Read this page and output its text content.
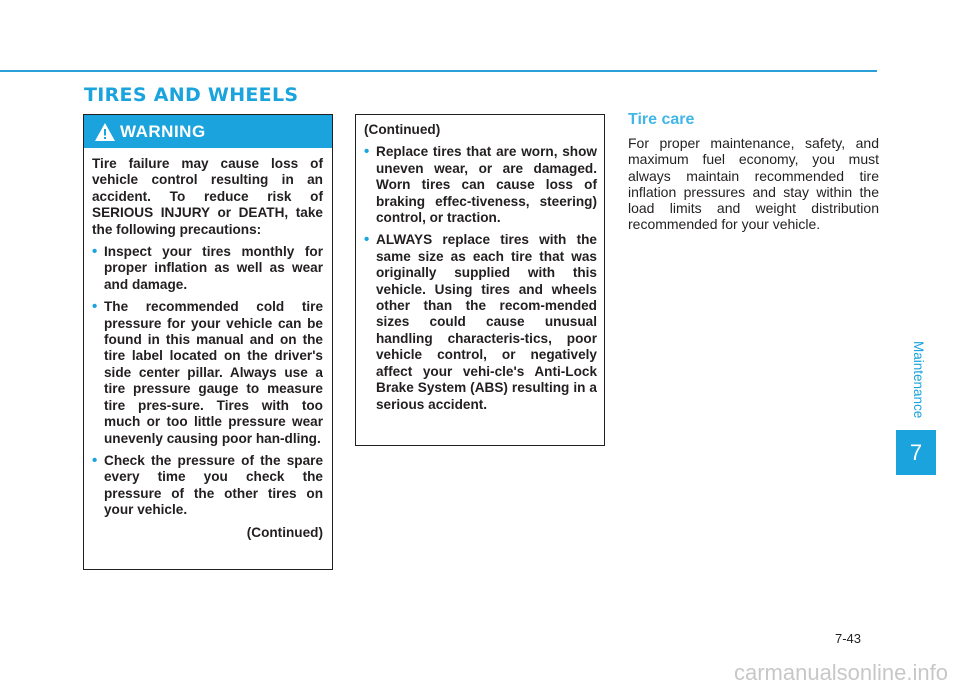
TIRES AND WHEELS
WARNING
Tire failure may cause loss of vehicle control resulting in an accident. To reduce risk of SERIOUS INJURY or DEATH, take the following precautions:
• Inspect your tires monthly for proper inflation as well as wear and damage.
• The recommended cold tire pressure for your vehicle can be found in this manual and on the tire label located on the driver's side center pillar. Always use a tire pressure gauge to measure tire pres-sure. Tires with too much or too little pressure wear unevenly causing poor han-dling.
• Check the pressure of the spare every time you check the pressure of the other tires on your vehicle.
(Continued)
(Continued)
• Replace tires that are worn, show uneven wear, or are damaged. Worn tires can cause loss of braking effec-tiveness, steering) control, or traction.
• ALWAYS replace tires with the same size as each tire that was originally supplied with this vehicle. Using tires and wheels other than the recom-mended sizes could cause unusual handling characteris-tics, poor vehicle control, or negatively affect your vehi-cle's Anti-Lock Brake System (ABS) resulting in a serious accident.
Tire care
For proper maintenance, safety, and maximum fuel economy, you must always maintain recommended tire inflation pressures and stay within the load limits and weight distribution recommended for your vehicle.
Maintenance
7
7-43
carmanualsonline.info
